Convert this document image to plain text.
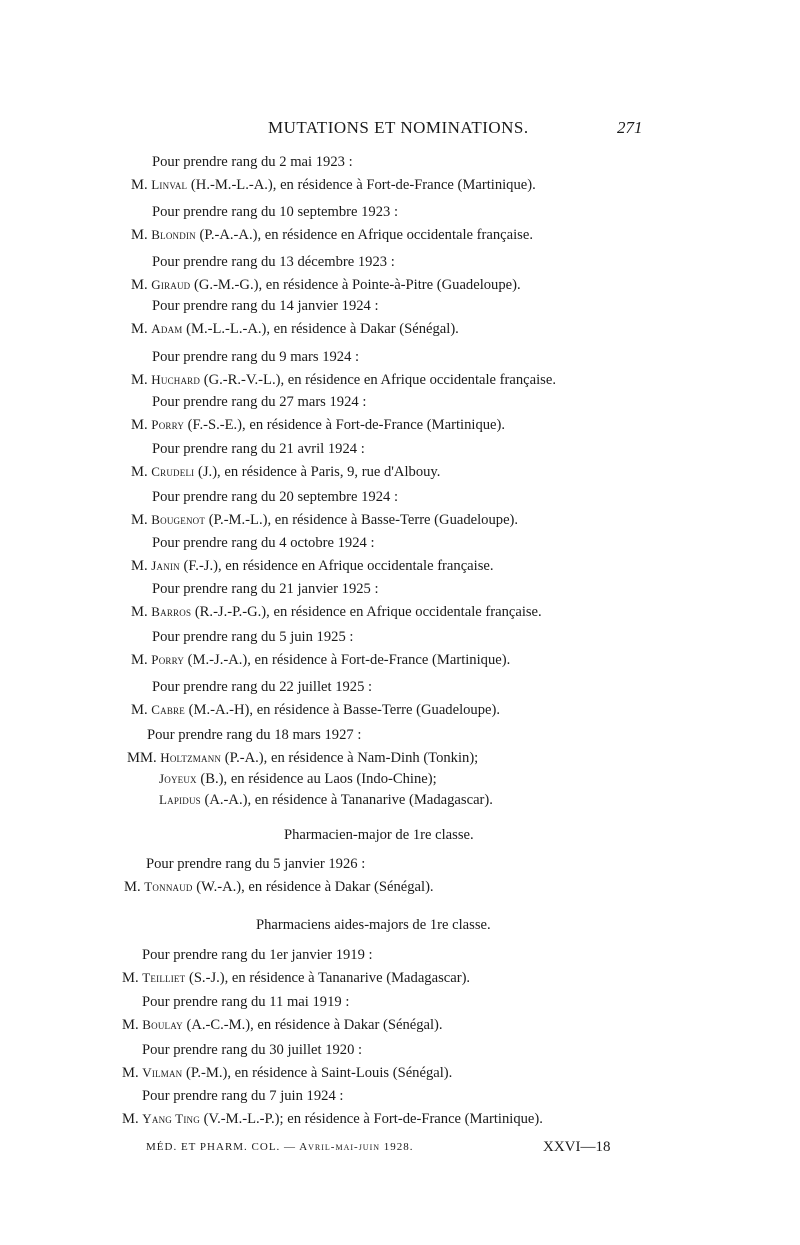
MUTATIONS ET NOMINATIONS.	271
Pour prendre rang du 2 mai 1923 :
M. Linval (H.-M.-L.-A.), en résidence à Fort-de-France (Martinique).
Pour prendre rang du 10 septembre 1923 :
M. Blondin (P.-A.-A.), en résidence en Afrique occidentale française.
Pour prendre rang du 13 décembre 1923 :
M. Giraud (G.-M.-G.), en résidence à Pointe-à-Pitre (Guadeloupe).
Pour prendre rang du 14 janvier 1924 :
M. Adam (M.-L.-L.-A.), en résidence à Dakar (Sénégal).
Pour prendre rang du 9 mars 1924 :
M. Huchard (G.-R.-V.-L.), en résidence en Afrique occidentale française.
Pour prendre rang du 27 mars 1924 :
M. Porry (F.-S.-E.), en résidence à Fort-de-France (Martinique).
Pour prendre rang du 21 avril 1924 :
M. Crudeli (J.), en résidence à Paris, 9, rue d'Albouy.
Pour prendre rang du 20 septembre 1924 :
M. Bougenot (P.-M.-L.), en résidence à Basse-Terre (Guadeloupe).
Pour prendre rang du 4 octobre 1924 :
M. Janin (F.-J.), en résidence en Afrique occidentale française.
Pour prendre rang du 21 janvier 1925 :
M. Barros (R.-J.-P.-G.), en résidence en Afrique occidentale française.
Pour prendre rang du 5 juin 1925 :
M. Porry (M.-J.-A.), en résidence à Fort-de-France (Martinique).
Pour prendre rang du 22 juillet 1925 :
M. Cabre (M.-A.-H), en résidence à Basse-Terre (Guadeloupe).
Pour prendre rang du 18 mars 1927 :
MM. Holtzmann (P.-A.), en résidence à Nam-Dinh (Tonkin);
Joyeux (B.), en résidence au Laos (Indo-Chine);
Lapidus (A.-A.), en résidence à Tananarive (Madagascar).
Pharmacien-major de 1re classe.
Pour prendre rang du 5 janvier 1926 :
M. Tonnaud (W.-A.), en résidence à Dakar (Sénégal).
Pharmaciens aides-majors de 1re classe.
Pour prendre rang du 1er janvier 1919 :
M. Teilliet (S.-J.), en résidence à Tananarive (Madagascar).
Pour prendre rang du 11 mai 1919 :
M. Boulay (A.-C.-M.), en résidence à Dakar (Sénégal).
Pour prendre rang du 30 juillet 1920 :
M. Vilman (P.-M.), en résidence à Saint-Louis (Sénégal).
Pour prendre rang du 7 juin 1924 :
M. Yang Ting (V.-M.-L.-P.); en résidence à Fort-de-France (Martinique).
MÉD. ET PHARM. COL. — Avril-mai-juin 1928.	XXVI—18
